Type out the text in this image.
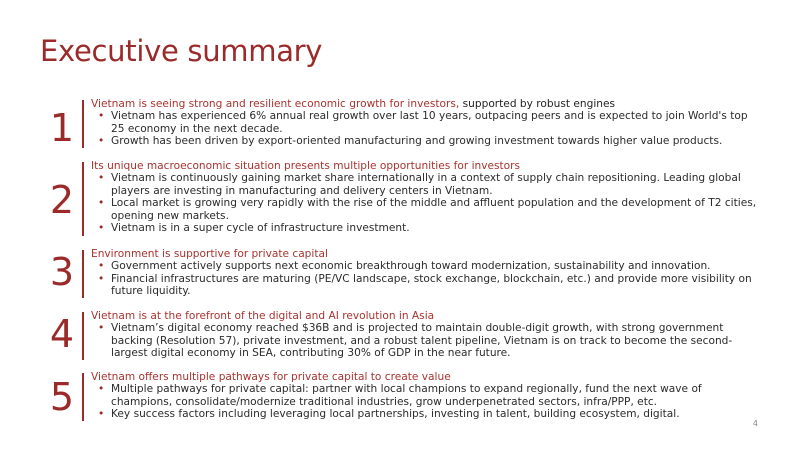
Executive summary
1
Vietnam is seeing strong and resilient economic growth for investors, supported by robust engines
• Vietnam has experienced 6% annual real growth over last 10 years, outpacing peers and is expected to join World's top 25 economy in the next decade.
• Growth has been driven by export-oriented manufacturing and growing investment towards higher value products.
2
Its unique macroeconomic situation presents multiple opportunities for investors
• Vietnam is continuously gaining market share internationally in a context of supply chain repositioning. Leading global players are investing in manufacturing and delivery centers in Vietnam.
• Local market is growing very rapidly with the rise of the middle and affluent population and the development of T2 cities, opening new markets.
• Vietnam is in a super cycle of infrastructure investment.
3 Environment is supportive for private capital
• Government actively supports next economic breakthrough toward modernization, sustainability and innovation.
• Financial infrastructures are maturing (PE/VC landscape, stock exchange, blockchain, etc.) and provide more visibility on future liquidity.
4 Vietnam is at the forefront of the digital and AI revolution in Asia
• Vietnam’s digital economy reached $36B and is projected to maintain double-digit growth, with strong government backing (Resolution 57), private investment, and a robust talent pipeline, Vietnam is on track to become the second-largest digital economy in SEA, contributing 30% of GDP in the near future.
5 Vietnam offers multiple pathways for private capital to create value
• Multiple pathways for private capital: partner with local champions to expand regionally, fund the next wave of champions, consolidate/modernize traditional industries, grow underpenetrated sectors, infra/PPP, etc.
• Key success factors including leveraging local partnerships, investing in talent, building ecosystem, digital.
4
